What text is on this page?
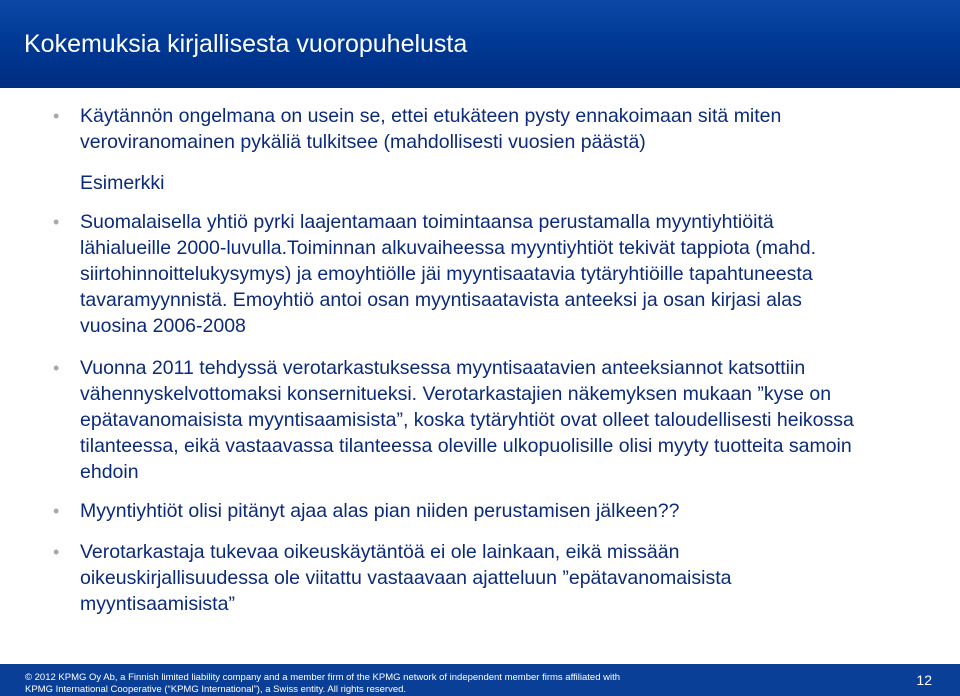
Kokemuksia kirjallisesta vuoropuhelusta
• Käytännön ongelmana on usein se, ettei etukäteen pysty ennakoimaan sitä miten
veroviranomainen pykäliä tulkitsee (mahdollisesti vuosien päästä)
Esimerkki
• Suomalaisella yhtiö pyrki laajentamaan toimintaansa perustamalla myyntiyhtiöitä
lähialueille 2000-luvulla.Toiminnan alkuvaiheessa myyntiyhtiöt tekivät tappiota (mahd.
siirtohinnoittelukysymys) ja emoyhtiölle jäi myyntisaatavia tytäryhtiöille tapahtuneesta
tavaramyynnistä. Emoyhtiö antoi osan myyntisaatavista anteeksi ja osan kirjasi alas
vuosina 2006-2008
• Vuonna 2011 tehdyssä verotarkastuksessa myyntisaatavien anteeksiannot katsottiin
vähennyskelvottomaksi konsernitueksi. Verotarkastajien näkemyksen mukaan ”kyse on
epätavanomaisista myyntisaamisista”, koska tytäryhtiöt ovat olleet taloudellisesti heikossa
tilanteessa, eikä vastaavassa tilanteessa oleville ulkopuolisille olisi myyty tuotteita samoin
ehdoin
• Myyntiyhtiöt olisi pitänyt ajaa alas pian niiden perustamisen jälkeen??
• Verotarkastaja tukevaa oikeuskäytäntöä ei ole lainkaan, eikä missään
oikeuskirjallisuudessa ole viitattu vastaavaan ajatteluun ”epätavanomaisista
myyntisaamisista”
© 2012 KPMG Oy Ab, a Finnish limited liability company and a member firm of the KPMG network of independent member firms affiliated with
KPMG International Cooperative (“KPMG International”), a Swiss entity. All rights reserved.
12
